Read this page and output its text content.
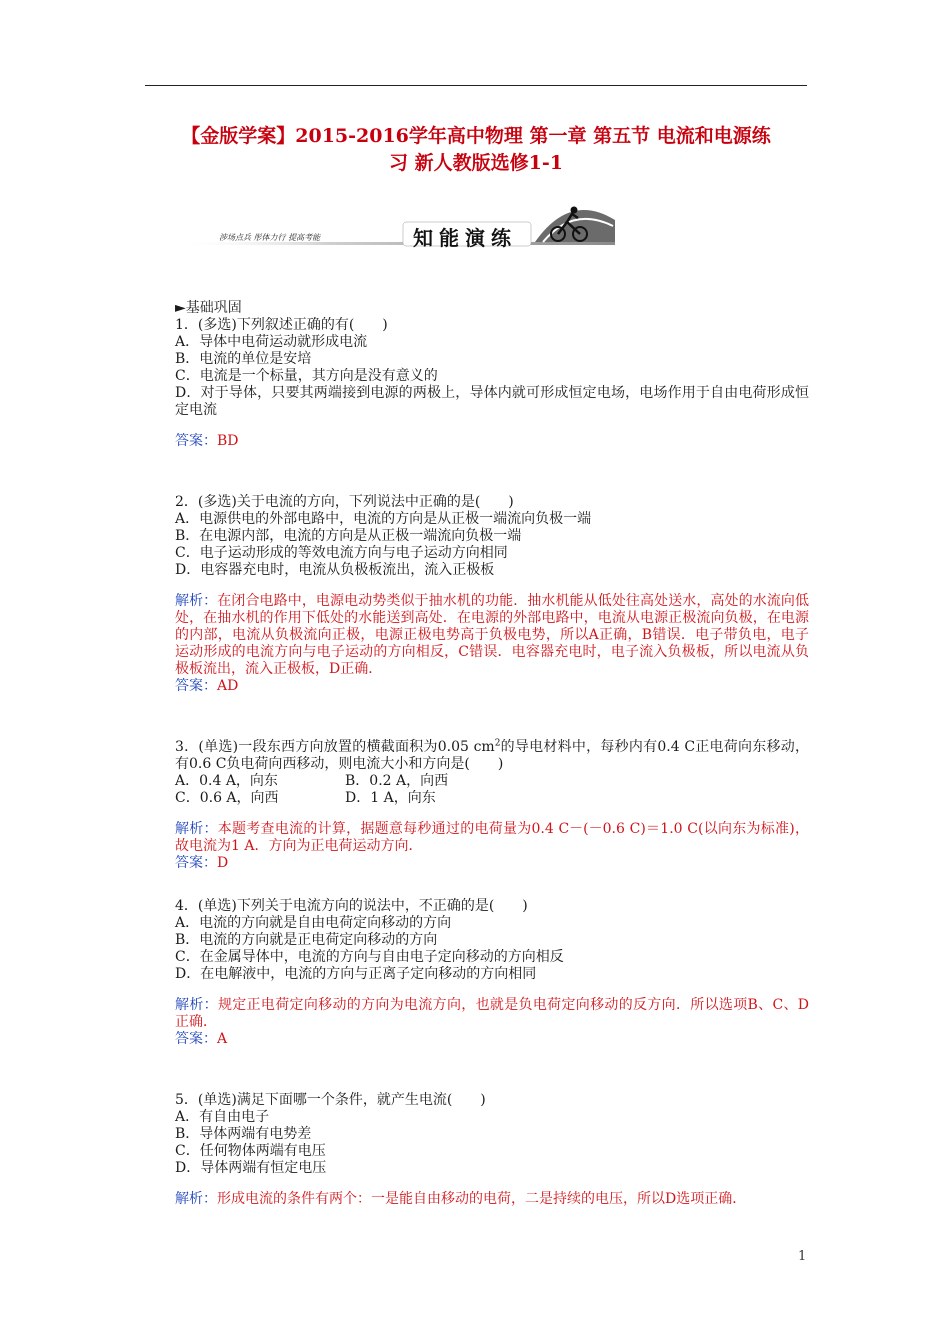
【金版学案】2015-2016学年高中物理 第一章 第五节 电流和电源练
习 新人教版选修1-1
涉场点兵 彤体力行 提高考能	知能演练
►基础巩固
1．(多选)下列叙述正确的有(　　)
A．导体中电荷运动就形成电流
B．电流的单位是安培
C．电流是一个标量，其方向是没有意义的
D．对于导体，只要其两端接到电源的两极上，导体内就可形成恒定电场，电场作用于自由电荷形成恒定电流
答案：BD
2．(多选)关于电流的方向，下列说法中正确的是(　　)
A．电源供电的外部电路中，电流的方向是从正极一端流向负极一端
B．在电源内部，电流的方向是从正极一端流向负极一端
C．电子运动形成的等效电流方向与电子运动方向相同
D．电容器充电时，电流从负极板流出，流入正极板
解析：在闭合电路中，电源电动势类似于抽水机的功能．抽水机能从低处往高处送水，高处的水流向低处，在抽水机的作用下低处的水能送到高处．在电源的外部电路中，电流从电源正极流向负极，在电源的内部，电流从负极流向正极，电源正极电势高于负极电势，所以A正确，B错误．电子带负电，电子运动形成的电流方向与电子运动的方向相反，C错误．电容器充电时，电子流入负极板，所以电流从负极板流出，流入正极板，D正确．
答案：AD
3．(单选)一段东西方向放置的横截面积为0.05 $cm^2$的导电材料中，每秒内有0.4 C正电荷向东移动，有0.6 C负电荷向西移动，则电流大小和方向是(　　)
A．0.4 A，向东	B．0.2 A，向西
C．0.6 A，向西	D．1 A，向东
解析：本题考查电流的计算，据题意每秒通过的电荷量为0.4 C－(－0.6 C)＝1.0 C(以向东为标准)，故电流为1 A．方向为正电荷运动方向．
答案：D
4．(单选)下列关于电流方向的说法中，不正确的是(　　)
A．电流的方向就是自由电荷定向移动的方向
B．电流的方向就是正电荷定向移动的方向
C．在金属导体中，电流的方向与自由电子定向移动的方向相反
D．在电解液中，电流的方向与正离子定向移动的方向相同
解析：规定正电荷定向移动的方向为电流方向，也就是负电荷定向移动的反方向．所以选项B、C、D正确．
答案：A
5．(单选)满足下面哪一个条件，就产生电流(　　)
A．有自由电子
B．导体两端有电势差
C．任何物体两端有电压
D．导体两端有恒定电压
解析：形成电流的条件有两个：一是能自由移动的电荷，二是持续的电压，所以D选项正确．
1
